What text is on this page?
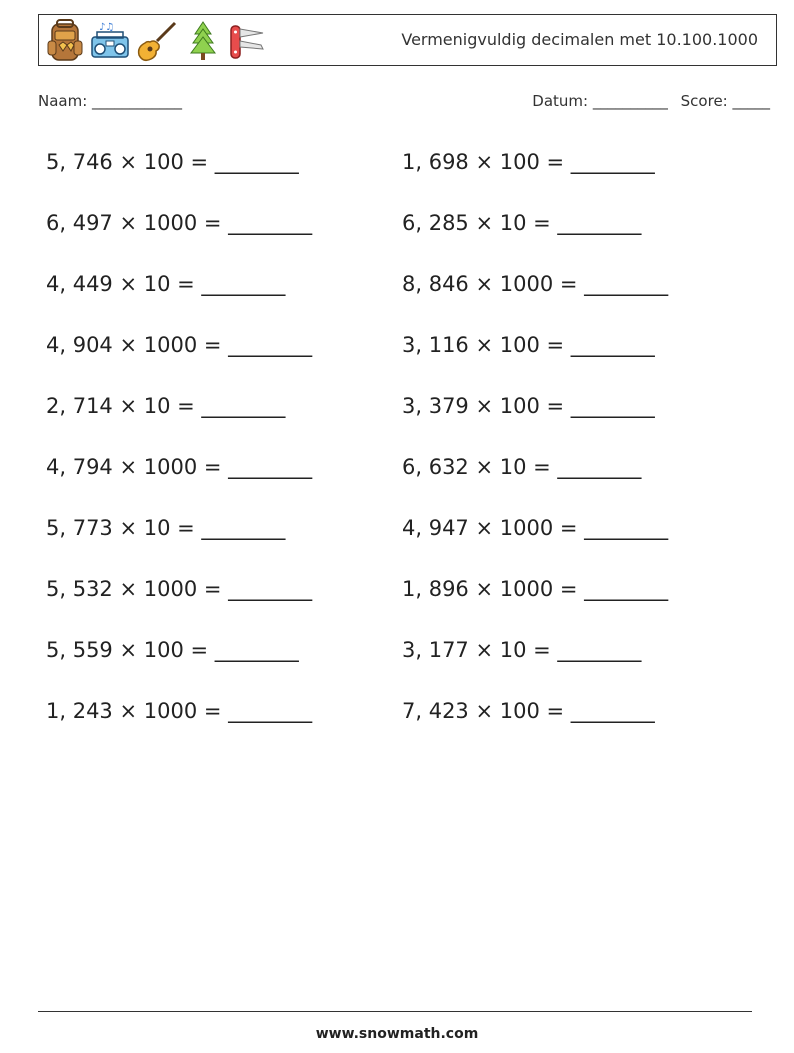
♪♫
Vermenigvuldig decimalen met 10.100.1000
Naam: ____________	Datum: __________ Score: _____
5, 746 × 100 = ________	1, 698 × 100 = ________
6, 497 × 1000 = ________	6, 285 × 10 = ________
4, 449 × 10 = ________	8, 846 × 1000 = ________
4, 904 × 1000 = ________	3, 116 × 100 = ________
2, 714 × 10 = ________	3, 379 × 100 = ________
4, 794 × 1000 = ________	6, 632 × 10 = ________
5, 773 × 10 = ________	4, 947 × 1000 = ________
5, 532 × 1000 = ________	1, 896 × 1000 = ________
5, 559 × 100 = ________	3, 177 × 10 = ________
1, 243 × 1000 = ________	7, 423 × 100 = ________
www.snowmath.com
